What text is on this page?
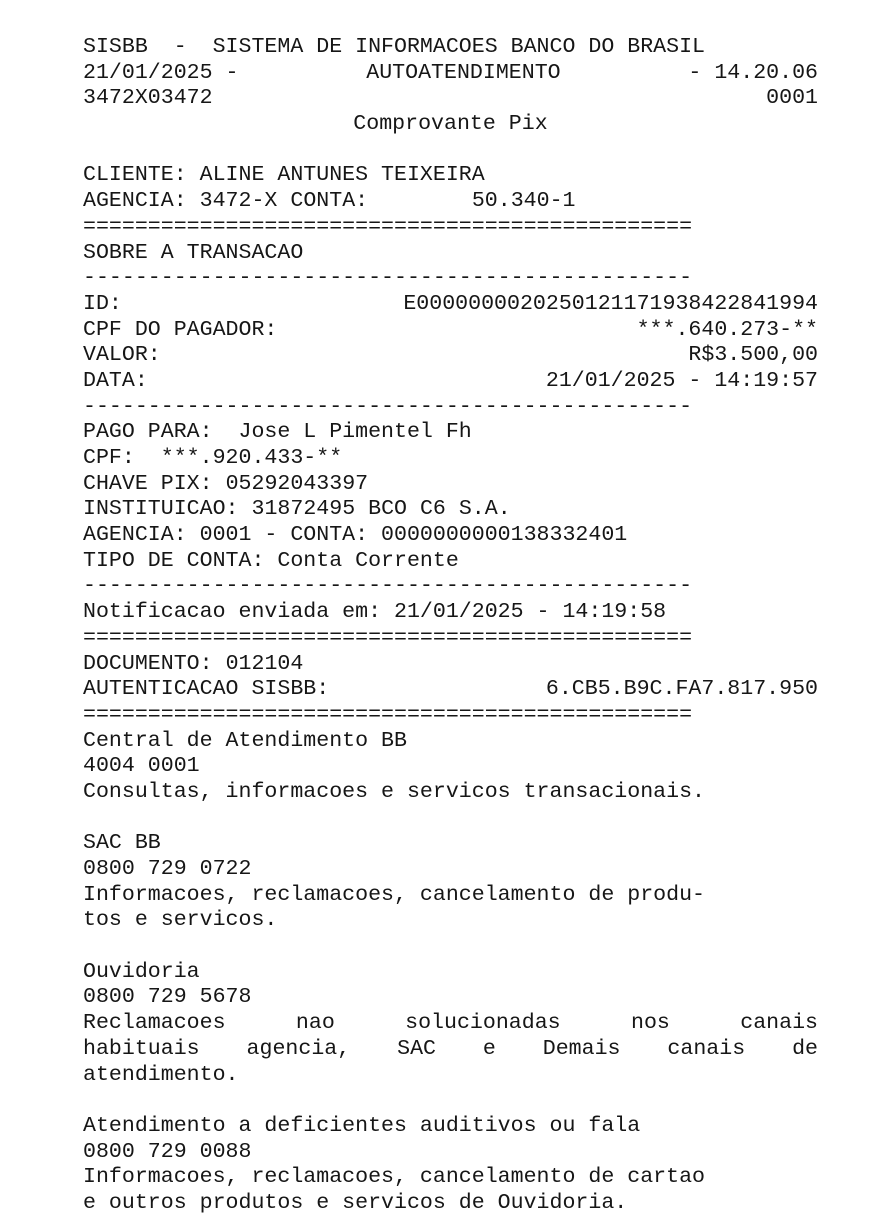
SISBB  -  SISTEMA DE INFORMACOES BANCO DO BRASIL
21/01/2025 -	AUTOATENDIMENTO	- 14.20.06
3472X03472	0001
Comprovante Pix
CLIENTE: ALINE ANTUNES TEIXEIRA
AGENCIA: 3472-X CONTA:	50.340-1
===============================================
SOBRE A TRANSACAO
-----------------------------------------------
ID:	E0000000020250121171938422841994
CPF DO PAGADOR:	***.640.273-**
VALOR:	R$3.500,00
DATA:	21/01/2025 - 14:19:57
-----------------------------------------------
PAGO PARA: Jose L Pimentel Fh
CPF: ***.920.433-**
CHAVE PIX: 05292043397
INSTITUICAO: 31872495 BCO C6 S.A.
AGENCIA: 0001 - CONTA: 0000000000138332401
TIPO DE CONTA: Conta Corrente
-----------------------------------------------
Notificacao enviada em: 21/01/2025 - 14:19:58
===============================================
DOCUMENTO: 012104
AUTENTICACAO SISBB:	6.CB5.B9C.FA7.817.950
===============================================
Central de Atendimento BB
4004 0001
Consultas, informacoes e servicos transacionais.
SAC BB
0800 729 0722
Informacoes, reclamacoes, cancelamento de produ-
tos e servicos.
Ouvidoria
0800 729 5678
Reclamacoes nao solucionadas nos canais
habituais agencia, SAC e Demais canais de
atendimento.
Atendimento a deficientes auditivos ou fala
0800 729 0088
Informacoes, reclamacoes, cancelamento de cartao
e outros produtos e servicos de Ouvidoria.
